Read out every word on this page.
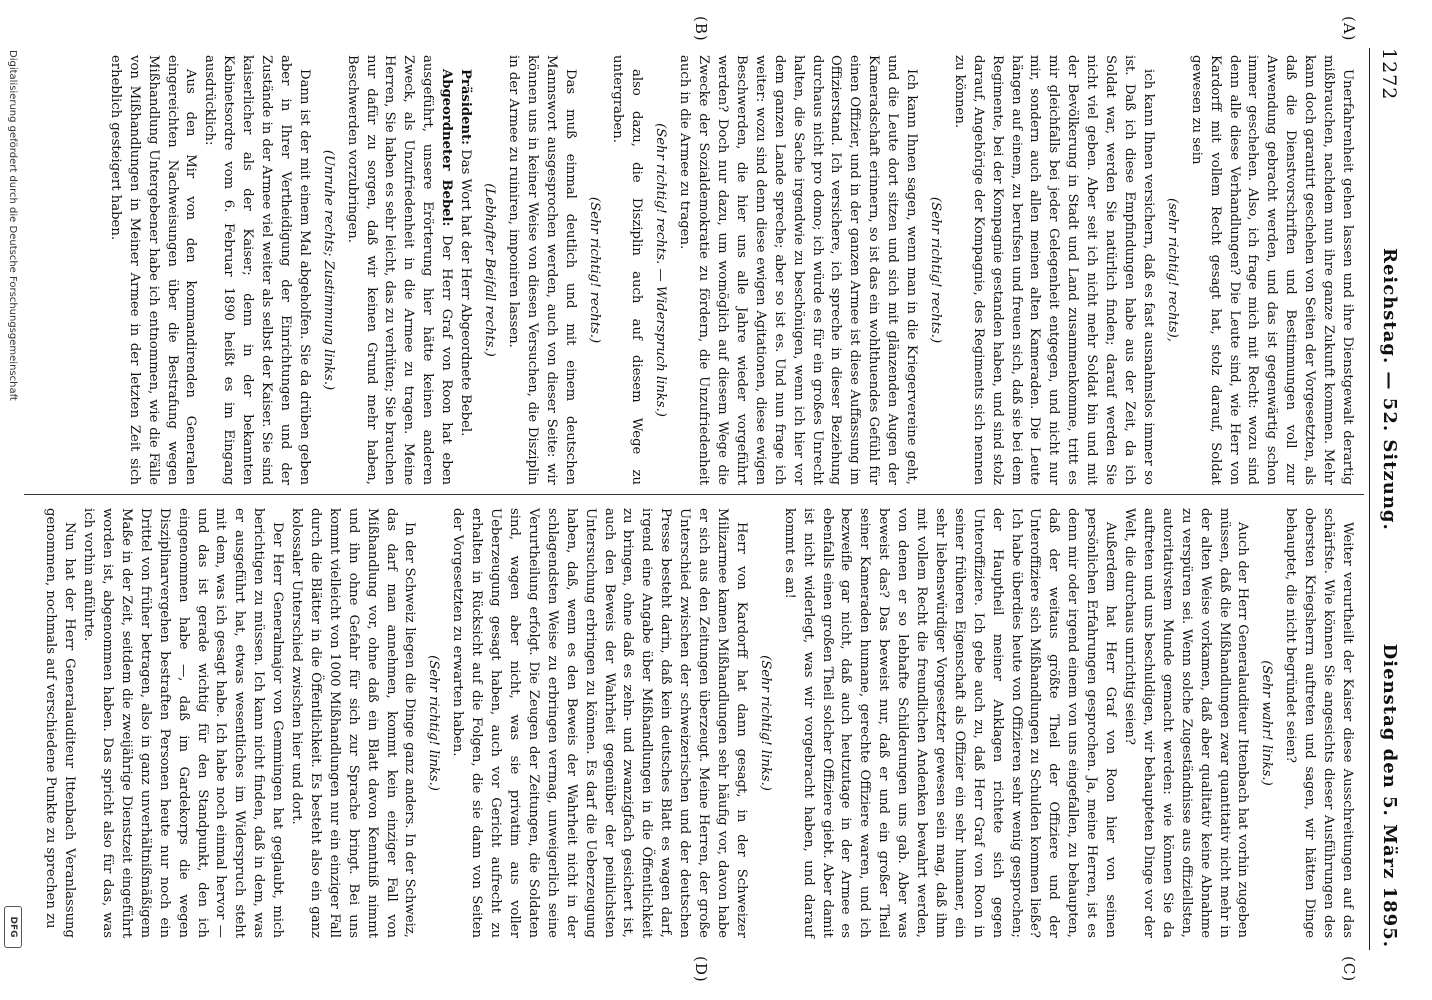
1272
Reichstag. — 52. Sitzung.
Dienstag den 5. März 1895.
(A)
(B)
(C)
(D)

Unerfahrenheit gehen lassen und ihre Dienstgewalt derartig mißbrauchen, nachdem nun ihre ganze Zukunft kommen. Mehr kann doch garantirt geschehen von Seiten der Vorgesetzten, als daß die Dienstvorschriften und Bestimmungen voll zur Anwendung gebracht werden, und das ist gegenwärtig schon immer geschehen. Also, ich frage mich mit Recht: wozu sind denn alle diese Verhandlungen? Die Leute sind, wie Herr von Kardorff mit vollem Recht gesagt hat, stolz darauf, Soldat gewesen zu sein

(sehr richtig! rechts),

ich kann Ihnen versichern, daß es fast ausnahmslos immer so ist. Daß ich diese Empfindungen habe aus der Zeit, da ich Soldat war, werden Sie natürlich finden; darauf werden Sie nicht viel geben. Aber seit ich nicht mehr Soldat bin und mit der Bevölkerung in Stadt und Land zusammenkomme, tritt es mir gleichfalls bei jeder Gelegenheit entgegen, und nicht nur mir, sondern auch allen meinen alten Kameraden. Die Leute hängen auf einem, zu berufsen und freuen sich, daß sie bei dem Regimente, bei der Kompagnie gestanden haben, und sind stolz darauf, Angehörige der Kompagnie, des Regiments sich nennen zu können.

(Sehr richtig! rechts.)

Ich kann Ihnen sagen, wenn man in die Kriegervereine geht, und die Leute dort sitzen und sich mit glänzenden Augen der Kameradschaft erinnern, so ist das ein wohlthuendes Gefühl für einen Offizier, und in der ganzen Armee ist diese Auffassung im Offizierstand. Ich versichere, ich spreche in dieser Beziehung durchaus nicht pro domo; ich würde es für ein großes Unrecht halten, die Sache irgendwie zu beschönigen, wenn ich hier vor dem ganzen Lande spreche; aber so ist es. Und nun frage ich weiter: wozu sind denn diese ewigen Agitationen, diese ewigen Beschwerden, die hier uns alle Jahre wieder vorgeführt werden? Doch nur dazu, um womöglich auf diesem Wege die Zwecke der Sozialdemokratie zu fördern, die Unzufriedenheit auch in die Armee zu tragen.

(Sehr richtig! rechts. — Widerspruch links.)

also dazu, die Disziplin auch auf diesem Wege zu untergraben.

(Sehr richtig! rechts.)

Das muß einmal deutlich und mit einem deutschen Mannswort ausgesprochen werden, auch von dieser Seite: wir können uns in keiner Weise von diesen Versuchen, die Disziplin in der Armee zu ruiniren, imponiren lassen.

(Lebhafter Beifall rechts.)

Präsident: Das Wort hat der Herr Abgeordnete Bebel.

Abgeordneter Bebel: Der Herr Graf von Roon hat eben ausgeführt, unsere Erörterung hier hätte keinen anderen Zweck, als Unzufriedenheit in die Armee zu tragen. Meine Herren, Sie haben es sehr leicht, das zu verhüten; Sie brauchen nur dafür zu sorgen, daß wir keinen Grund mehr haben, Beschwerden vorzubringen.

(Unruhe rechts; Zustimmung links.)

Dann ist der mit einem Mal abgeholfen. Sie da drüben geben aber in Ihrer Vertheidigung der Einrichtungen und der Zustände in der Armee viel weiter als selbst der Kaiser. Sie sind kaiserlicher als der Kaiser; denn in der bekannten Kabinetsordre vom 6. Februar 1890 heißt es im Eingang ausdrücklich:

Aus den Mir von den kommandirenden Generalen eingereichten Nachweisungen über die Bestrafung wegen Mißhandlung Untergebener habe ich entnommen, wie die Fälle von Mißhandlungen in Meiner Armee in der letzten Zeit sich erheblich gesteigert haben.

Weiter verurtheilt der Kaiser diese Ausschreitungen auf das schärfste. Wie können Sie angesichts dieser Ausführungen des obersten Kriegsherrn auftreten und sagen, wir hätten Dinge behauptet, die nicht begründet seien?

(Sehr wahr! links.)

Auch der Herr Generalauditeur Ittenbach hat vorhin zugeben müssen, daß die Mißhandlungen zwar quantitativ nicht mehr in der alten Weise vorkamen, daß aber qualitativ keine Abnahme zu verspüren sei. Wenn solche Zugeständnisse aus offiziellsten, autoritativstem Munde gemacht werden: wie können Sie da auftreten und uns beschuldigen, wir behaupteten Dinge vor der Welt, die durchaus unrichtig seien?

Außerdem hat Herr Graf von Roon hier von seinen persönlichen Erfahrungen gesprochen. Ja, meine Herren, ist es denn mir oder irgend einem von uns eingefallen, zu behaupten, daß der weitaus größte Theil der Offiziere und der Unteroffiziere sich Mißhandlungen zu Schulden kommen ließe? Ich habe überdies heute von Offizieren sehr wenig gesprochen; der Hauptheil meiner Anklagen richtete sich gegen Unteroffiziere. Ich gebe auch zu, daß Herr Graf von Roon in seiner früheren Eigenschaft als Offizier ein sehr humaner, ein sehr liebenswürdiger Vorgesetzter gewesen sein mag, daß ihm mit vollem Recht die freundlichen Andenken bewahrt werden, von denen er so lebhafte Schilderungen uns gab. Aber was beweist das? Das beweist nur, daß er und ein großer Theil seiner Kameraden humane, gerechte Offiziere waren, und ich bezweifle gar nicht, daß auch heutzutage in der Armee es ebenfalls einen großen Theil solcher Offiziere giebt. Aber damit ist nicht widerlegt, was wir vorgebracht haben, und darauf kommt es an!

(Sehr richtig! links.)

Herr von Kardorff hat dann gesagt, in der Schweizer Milizarmee kamen Mißhandlungen sehr häufig vor, davon habe er sich aus den Zeitungen überzeugt. Meine Herren, der große Unterschied zwischen der schweizerischen und der deutschen Presse besteht darin, daß kein deutsches Blatt es wagen darf, irgend eine Angabe über Mißhandlungen in die Öffentlichkeit zu bringen, ohne daß es zehn- und zwanzigfach gesichert ist, auch den Beweis der Wahrheit gegenüber der peinlichsten Untersuchung erbringen zu können. Es darf die Ueberzeugung haben, daß, wenn es den Beweis der Wahrheit nicht in der schlagendsten Weise zu erbringen vermag, unweigerlich seine Verurtheilung erfolgt. Die Zeugen der Zeitungen, die Soldaten sind, wagen aber nicht, was sie privatim aus voller Ueberzeugung gesagt haben, auch vor Gericht aufrecht zu erhalten in Rücksicht auf die Folgen, die sie dann von Seiten der Vorgesetzten zu erwarten haben.

(Sehr richtig! links.)

In der Schweiz liegen die Dinge ganz anders. In der Schweiz, das darf man annehmen, kommt kein einziger Fall von Mißhandlung vor, ohne daß ein Blatt davon Kenntniß nimmt und ihn ohne Gefahr für sich zur Sprache bringt. Bei uns kommt vielleicht von 1000 Mißhandlungen nur ein einziger Fall durch die Blätter in die Öffentlichkeit. Es besteht also ein ganz kolossaler Unterschied zwischen hier und dort.

Der Herr Generalmajor von Gemmingen hat geglaubt, mich berichtigen zu müssen. Ich kann nicht finden, daß in dem, was er ausgeführt hat, etwas wesentliches im Widerspruch steht mit dem, was ich gesagt habe. Ich habe noch einmal hervor — und das ist gerade wichtig für den Standpunkt, den ich eingenommen habe —, daß im Gardekorps die wegen Disziplinarvergehen bestraften Personen heute nur noch ein Drittel von früher betragen, also in ganz unverhältnißmäßigem Maße in der Zeit, seitdem die zweijährige Dienstzeit eingeführt worden ist, abgenommen haben. Das spricht also für das, was ich vorhin anführte.

Nun hat der Herr Generalauditeur Ittenbach Veranlassung genommen, nochmals auf verschiedene Punkte zu sprechen zu

Digitalisierung gefördert durch die Deutsche Forschungsgemeinschaft
DFG
